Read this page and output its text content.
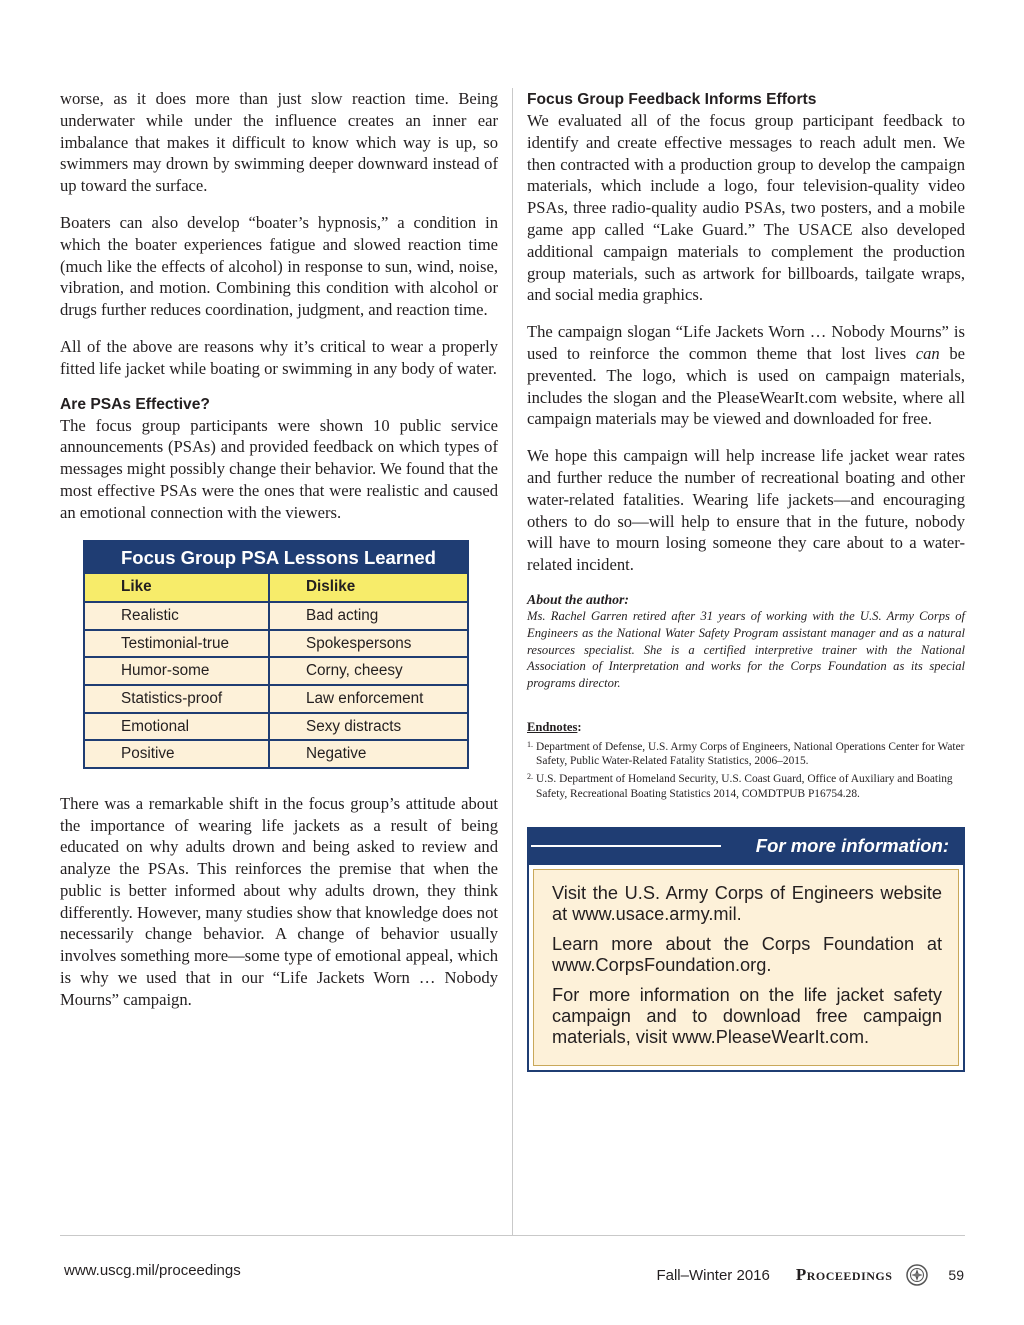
worse, as it does more than just slow reaction time. Being underwater while under the influence creates an inner ear imbalance that makes it difficult to know which way is up, so swimmers may drown by swimming deeper downward instead of up toward the surface.

Boaters can also develop “boater’s hypnosis,” a condition in which the boater experiences fatigue and slowed reaction time (much like the effects of alcohol) in response to sun, wind, noise, vibration, and motion. Combining this condition with alcohol or drugs further reduces coordination, judgment, and reaction time.

All of the above are reasons why it’s critical to wear a properly fitted life jacket while boating or swimming in any body of water.

Are PSAs Effective?

The focus group participants were shown 10 public service announcements (PSAs) and provided feedback on which types of messages might possibly change their behavior. We found that the most effective PSAs were the ones that were realistic and caused an emotional connection with the viewers.

Focus Group PSA Lessons Learned
Like	Dislike
Realistic	Bad acting
Testimonial-true	Spokespersons
Humor-some	Corny, cheesy
Statistics-proof	Law enforcement
Emotional	Sexy distracts
Positive	Negative

There was a remarkable shift in the focus group’s attitude about the importance of wearing life jackets as a result of being educated on why adults drown and being asked to review and analyze the PSAs. This reinforces the premise that when the public is better informed about why adults drown, they think differently. However, many studies show that knowledge does not necessarily change behavior. A change of behavior usually involves something more—some type of emotional appeal, which is why we used that in our “Life Jackets Worn … Nobody Mourns” campaign.

Focus Group Feedback Informs Efforts

We evaluated all of the focus group participant feedback to identify and create effective messages to reach adult men. We then contracted with a production group to develop the campaign materials, which include a logo, four television-quality video PSAs, three radio-quality audio PSAs, two posters, and a mobile game app called “Lake Guard.” The USACE also developed additional campaign materials to complement the production group materials, such as artwork for billboards, tailgate wraps, and social media graphics.

The campaign slogan “Life Jackets Worn … Nobody Mourns” is used to reinforce the common theme that lost lives can be prevented. The logo, which is used on campaign materials, includes the slogan and the PleaseWearIt.com website, where all campaign materials may be viewed and downloaded for free.

We hope this campaign will help increase life jacket wear rates and further reduce the number of recreational boating and other water-related fatalities. Wearing life jackets—and encouraging others to do so—will help to ensure that in the future, nobody will have to mourn losing someone they care about to a water-related incident.

About the author:

Ms. Rachel Garren retired after 31 years of working with the U.S. Army Corps of Engineers as the National Water Safety Program assistant manager and as a natural resources specialist. She is a certified interpretive trainer with the National Association of Interpretation and works for the Corps Foundation as its special programs director.

Endnotes:
1. Department of Defense, U.S. Army Corps of Engineers, National Operations Center for Water Safety, Public Water-Related Fatality Statistics, 2006–2015.
2. U.S. Department of Homeland Security, U.S. Coast Guard, Office of Auxiliary and Boating Safety, Recreational Boating Statistics 2014, COMDTPUB P16754.28.
For more information:

Visit the U.S. Army Corps of Engineers website at www.usace.army.mil.

Learn more about the Corps Foundation at www.CorpsFoundation.org.

For more information on the life jacket safety campaign and to download free campaign materials, visit www.PleaseWearIt.com.

www.uscg.mil/proceedings	Fall–Winter 2016 Proceedings	59
